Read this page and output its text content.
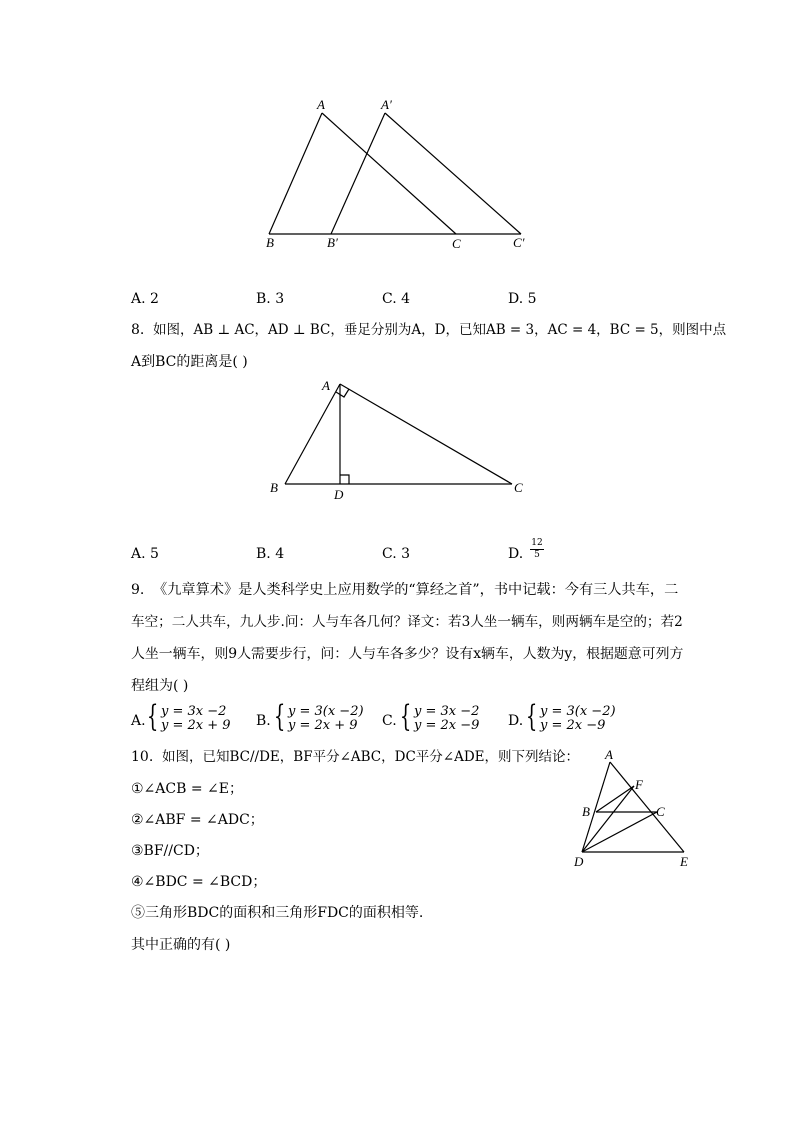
A	A′
B	B′	C	C′
A. 2	B. 3	C. 4	D. 5
8. 如图，AB ⊥ AC，AD ⊥ BC，垂足分别为A，D，已知AB = 3，AC = 4，BC = 5，则图中点
A到BC的距离是( )
A
B	D	C
A. 5	B. 4	C. 3	D. $\frac{12}{5}$
9. 《九章算术》是人类科学史上应用数学的“算经之首”，书中记载：今有三人共车，二
车空；二人共车，九人步.问：人与车各几何？译文：若3人坐一辆车，则两辆车是空的；若2
人坐一辆车，则9人需要步行，问：人与车各多少？设有x辆车，人数为y，根据题意可列方
程组为( )
A. { y = 3x −2
y = 2x + 9 B. { y = 3(x −2)
y = 2x + 9 C. { y = 3x −2
y = 2x −9 D. { y = 3(x −2)
y = 2x −9
10. 如图，已知BC//DE，BF平分∠ABC，DC平分∠ADE，则下列结论：
①∠ACB = ∠E；
②∠ABF = ∠ADC；
③BF//CD；
④∠BDC = ∠BCD；
⑤三角形BDC的面积和三角形FDC的面积相等.
其中正确的有( )
A
F
B	C
D	E
